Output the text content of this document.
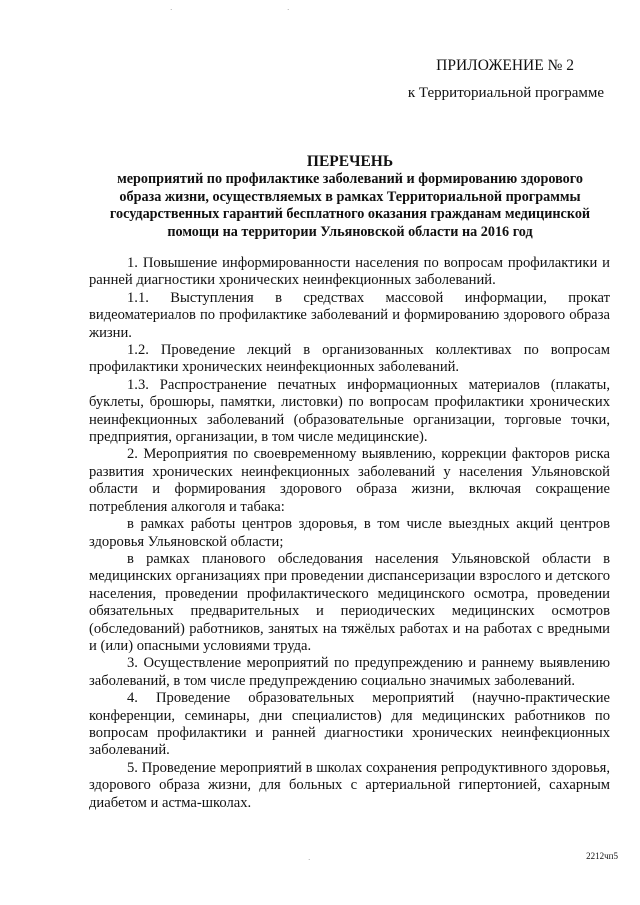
ПРИЛОЖЕНИЕ № 2
к Территориальной программе
ПЕРЕЧЕНЬ
мероприятий по профилактике заболеваний и формированию здорового
образа жизни, осуществляемых в рамках Территориальной программы
государственных гарантий бесплатного оказания гражданам медицинской
помощи на территории Ульяновской области на 2016 год

1. Повышение информированности населения по вопросам профилактики и ранней диагностики хронических неинфекционных заболеваний.

1.1. Выступления в средствах массовой информации, прокат видеоматериалов по профилактике заболеваний и формированию здорового образа жизни.

1.2. Проведение лекций в организованных коллективах по вопросам профилактики хронических неинфекционных заболеваний.

1.3. Распространение печатных информационных материалов (плакаты, буклеты, брошюры, памятки, листовки) по вопросам профилактики хронических неинфекционных заболеваний (образовательные организации, торговые точки, предприятия, организации, в том числе медицинские).

2. Мероприятия по своевременному выявлению, коррекции факторов риска развития хронических неинфекционных заболеваний у населения Ульяновской области и формирования здорового образа жизни, включая сокращение потребления алкоголя и табака:

в рамках работы центров здоровья, в том числе выездных акций центров здоровья Ульяновской области;

в рамках планового обследования населения Ульяновской области в медицинских организациях при проведении диспансеризации взрослого и детского населения, проведении профилактического медицинского осмотра, проведении обязательных предварительных и периодических медицинских осмотров (обследований) работников, занятых на тяжёлых работах и на работах с вредными и (или) опасными условиями труда.

3. Осуществление мероприятий по предупреждению и раннему выявлению заболеваний, в том числе предупреждению социально значимых заболеваний.

4. Проведение образовательных мероприятий (научно-практические конференции, семинары, дни специалистов) для медицинских работников по вопросам профилактики и ранней диагностики хронических неинфекционных заболеваний.

5. Проведение мероприятий в школах сохранения репродуктивного здоровья, здорового образа жизни, для больных с артериальной гипертонией, сахарным диабетом и астма-школах.

2212чп5
·	·
·
